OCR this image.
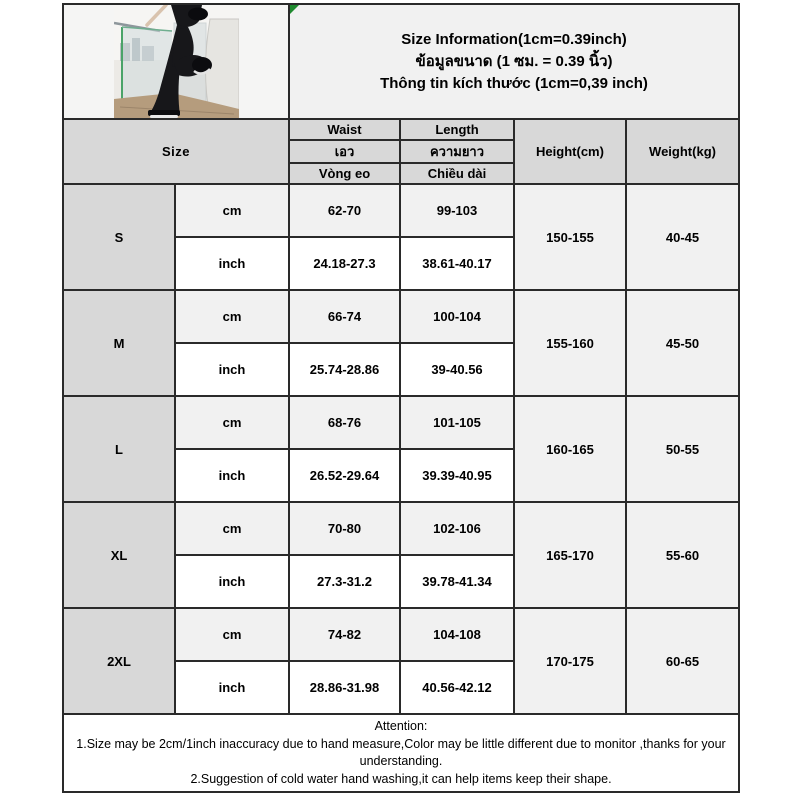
Size Information(1cm=0.39inch)
ข้อมูลขนาด (1 ซม. = 0.39 นิ้ว)
Thông tin kích thước (1cm=0,39 inch)			

Size		Waist	Length	Height(cm)	Weight(kg)
		เอว	ความยาว		
		Vòng eo	Chiều dài		
S	cm	62-70	99-103	150-155	40-45
	inch	24.18-27.3	38.61-40.17		
M	cm	66-74	100-104	155-160	45-50
	inch	25.74-28.86	39-40.56		
L	cm	68-76	101-105	160-165	50-55
	inch	26.52-29.64	39.39-40.95		
XL	cm	70-80	102-106	165-170	55-60
	inch	27.3-31.2	39.78-41.34		
2XL	cm	74-82	104-108	170-175	60-65
	inch	28.86-31.98	40.56-42.12		

Attention:
1.Size may be 2cm/1inch inaccuracy due to hand measure,Color may be little different due to monitor ,thanks for your understanding.
2.Suggestion of cold water hand washing,it can help items keep their shape.					
